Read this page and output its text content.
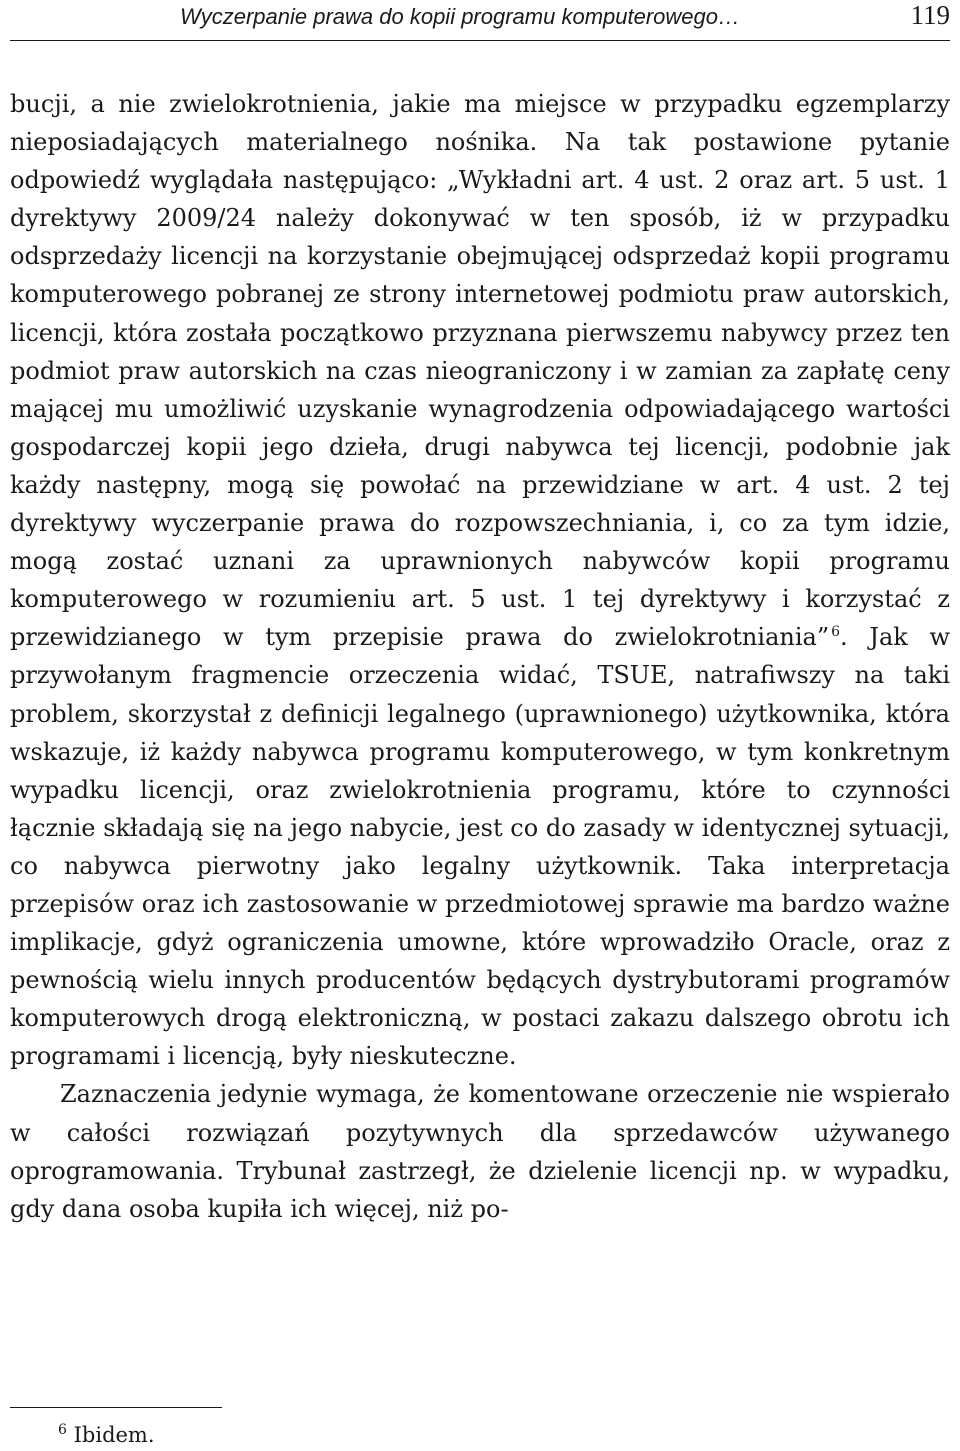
Wyczerpanie prawa do kopii programu komputerowego…	119

bucji, a nie zwielokrotnienia, jakie ma miejsce w przypadku egzemplarzy nieposiadających materialnego nośnika. Na tak postawione pytanie odpowiedź wyglądała następująco: „Wykładni art. 4 ust. 2 oraz art. 5 ust. 1 dyrektywy 2009/24 należy dokonywać w ten sposób, iż w przypadku odsprzedaży licencji na korzystanie obejmującej odsprzedaż kopii programu komputerowego pobranej ze strony internetowej podmiotu praw autorskich, licencji, która została początkowo przyznana pierwszemu nabywcy przez ten podmiot praw autorskich na czas nieograniczony i w zamian za zapłatę ceny mającej mu umożliwić uzyskanie wynagrodzenia odpowiadającego wartości gospodarczej kopii jego dzieła, drugi nabywca tej licencji, podobnie jak każdy następny, mogą się powołać na przewidziane w art. 4 ust. 2 tej dyrektywy wyczerpanie prawa do rozpowszechniania, i, co za tym idzie, mogą zostać uznani za uprawnionych nabywców kopii programu komputerowego w rozumieniu art. 5 ust. 1 tej dyrektywy i korzystać z przewidzianego w tym przepisie prawa do zwielokrotniania” $^6$. Jak w przywołanym fragmencie orzeczenia widać, TSUE, natrafiwszy na taki problem, skorzystał z definicji legalnego (uprawnionego) użytkownika, która wskazuje, iż każdy nabywca programu komputerowego, w tym konkretnym wypadku licencji, oraz zwielokrotnienia programu, które to czynności łącznie składają się na jego nabycie, jest co do zasady w identycznej sytuacji, co nabywca pierwotny jako legalny użytkownik. Taka interpretacja przepisów oraz ich zastosowanie w przedmiotowej sprawie ma bardzo ważne implikacje, gdyż ograniczenia umowne, które wprowadziło Oracle, oraz z pewnością wielu innych producentów będących dystrybutorami programów komputerowych drogą elektroniczną, w postaci zakazu dalszego obrotu ich programami i licencją, były nieskuteczne.

Zaznaczenia jedynie wymaga, że komentowane orzeczenie nie wspierało w całości rozwiązań pozytywnych dla sprzedawców używanego oprogramowania. Trybunał zastrzegł, że dzielenie licencji np. w wypadku, gdy dana osoba kupiła ich więcej, niż po-

$^6$ Ibidem.
